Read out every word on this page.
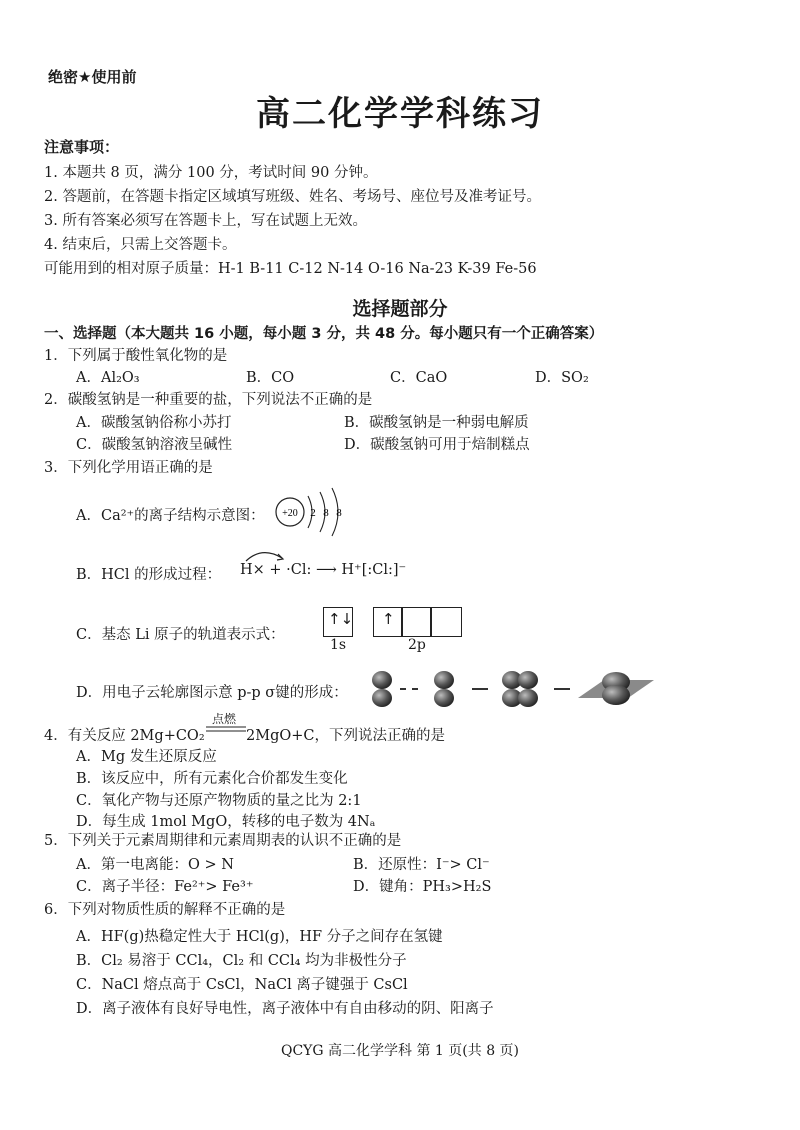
绝密★使用前
高二化学学科练习
注意事项：
1. 本题共 8 页，满分 100 分，考试时间 90 分钟。
2. 答题前，在答题卡指定区域填写班级、姓名、考场号、座位号及准考证号。
3. 所有答案必须写在答题卡上，写在试题上无效。
4. 结束后，只需上交答题卡。
可能用到的相对原子质量：H-1 B-11 C-12 N-14 O-16 Na-23 K-39 Fe-56
选择题部分
一、选择题（本大题共 16 小题，每小题 3 分，共 48 分。每小题只有一个正确答案）
1．下列属于酸性氧化物的是
A．Al₂O₃	B．CO	C．CaO	D．SO₂
2．碳酸氢钠是一种重要的盐，下列说法不正确的是
A．碳酸氢钠俗称小苏打	B．碳酸氢钠是一种弱电解质
C．碳酸氢钠溶液呈碱性	D．碳酸氢钠可用于焙制糕点
3．下列化学用语正确的是
A．Ca²⁺的离子结构示意图： +20 2 8 8
B．HCl 的形成过程： H× + ·Cl: ⟶ H⁺[:Cl:]⁻
C．基态 Li 原子的轨道表示式：
↑↓ ↑
1s	2p
D．用电子云轮廓图示意 p-p σ键的形成：
4．有关反应 2Mg+CO₂
点燃
2MgO+C，下列说法正确的是
A．Mg 发生还原反应
B．该反应中，所有元素化合价都发生变化
C．氧化产物与还原产物物质的量之比为 2:1
D．每生成 1mol MgO，转移的电子数为 4Nₐ
5．下列关于元素周期律和元素周期表的认识不正确的是
A．第一电离能：O > N	B．还原性：I⁻> Cl⁻
C．离子半径：Fe²⁺> Fe³⁺	D．键角：PH₃>H₂S
6．下列对物质性质的解释不正确的是
A．HF(g)热稳定性大于 HCl(g)，HF 分子之间存在氢键
B．Cl₂ 易溶于 CCl₄，Cl₂ 和 CCl₄ 均为非极性分子
C．NaCl 熔点高于 CsCl，NaCl 离子键强于 CsCl
D．离子液体有良好导电性，离子液体中有自由移动的阴、阳离子
QCYG 高二化学学科 第 1 页(共 8 页)
